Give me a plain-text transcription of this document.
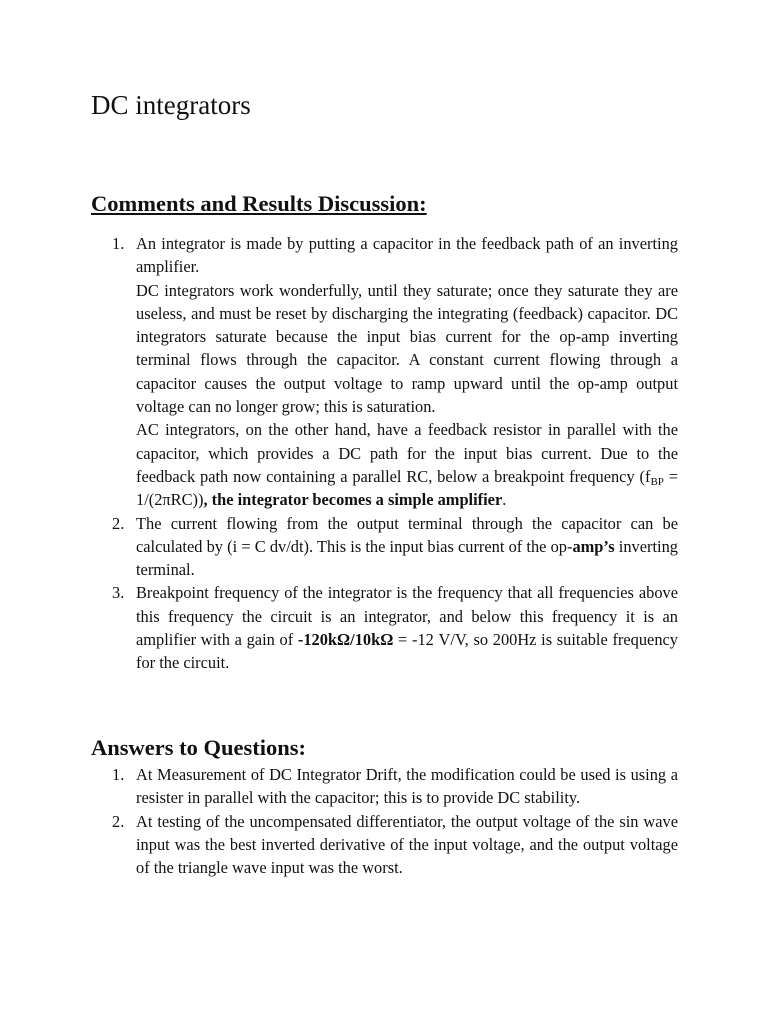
DC integrators
Comments and Results Discussion:
1. An integrator is made by putting a capacitor in the feedback path of an inverting amplifier.

DC integrators work wonderfully, until they saturate; once they saturate they are useless, and must be reset by discharging the integrating (feedback) capacitor. DC integrators saturate because the input bias current for the op-amp inverting terminal flows through the capacitor. A constant current flowing through a capacitor causes the output voltage to ramp upward until the op-amp output voltage can no longer grow; this is saturation.

AC integrators, on the other hand, have a feedback resistor in parallel with the capacitor, which provides a DC path for the input bias current. Due to the feedback path now containing a parallel RC, below a breakpoint frequency $(f_{BP} = 1/(2\pi RC))$, the integrator becomes a simple amplifier.

2. The current flowing from the output terminal through the capacitor can be calculated by (i = C dv/dt). This is the input bias current of the op-amp’s inverting terminal.

3. Breakpoint frequency of the integrator is the frequency that all frequencies above this frequency the circuit is an integrator, and below this frequency it is an amplifier with a gain of -120kΩ/10kΩ = -12 V/V, so 200Hz is suitable frequency for the circuit.

Answers to Questions:
1. At Measurement of DC Integrator Drift, the modification could be used is using a resister in parallel with the capacitor; this is to provide DC stability.

2. At testing of the uncompensated differentiator, the output voltage of the sin wave input was the best inverted derivative of the input voltage, and the output voltage of the triangle wave input was the worst.
